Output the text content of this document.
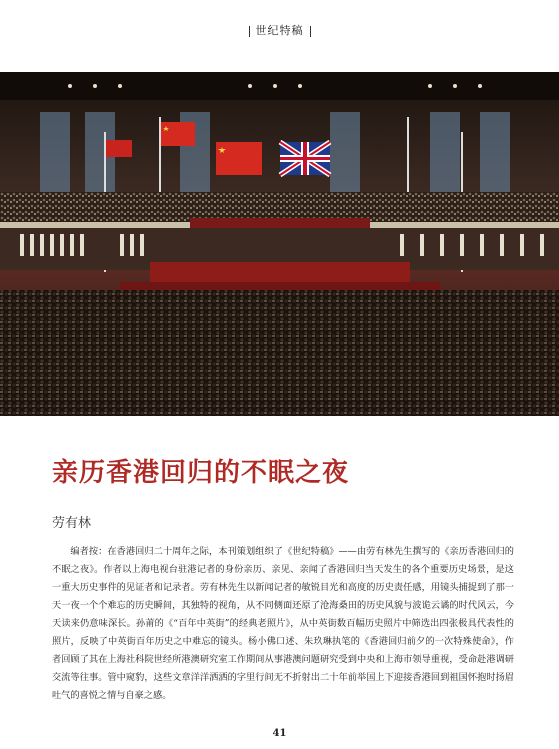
世纪特稿
亲历香港回归的不眠之夜
劳有林
编者按：在香港回归二十周年之际，本刊策划组织了《世纪特稿》——由劳有林先生撰写的《亲历香港回归的不眠之夜》。作者以上海电视台驻港记者的身份亲历、亲见、亲闻了香港回归当天发生的各个重要历史场景，是这一重大历史事件的见证者和记录者。劳有林先生以新闻记者的敏锐目光和高度的历史责任感，用镜头捕捉到了那一天一夜一个个难忘的历史瞬间，其独特的视角，从不同侧面还原了沧海桑田的历史风貌与波诡云谲的时代风云，今天读来仍意味深长。孙莆的《“百年中英街”的经典老照片》，从中英街数百幅历史照片中筛选出四张极具代表性的照片，反映了中英街百年历史之中难忘的镜头。杨小佛口述、朱玖琳执笔的《香港回归前夕的一次特殊使命》，作者回顾了其在上海社科院世经所港澳研究室工作期间从事港澳问题研究受到中央和上海市领导重视，受命赴港调研交流等往事。管中窥豹，这些文章洋洋洒洒的字里行间无不折射出二十年前举国上下迎接香港回到祖国怀抱时扬眉吐气的喜悦之情与自豪之感。
41
